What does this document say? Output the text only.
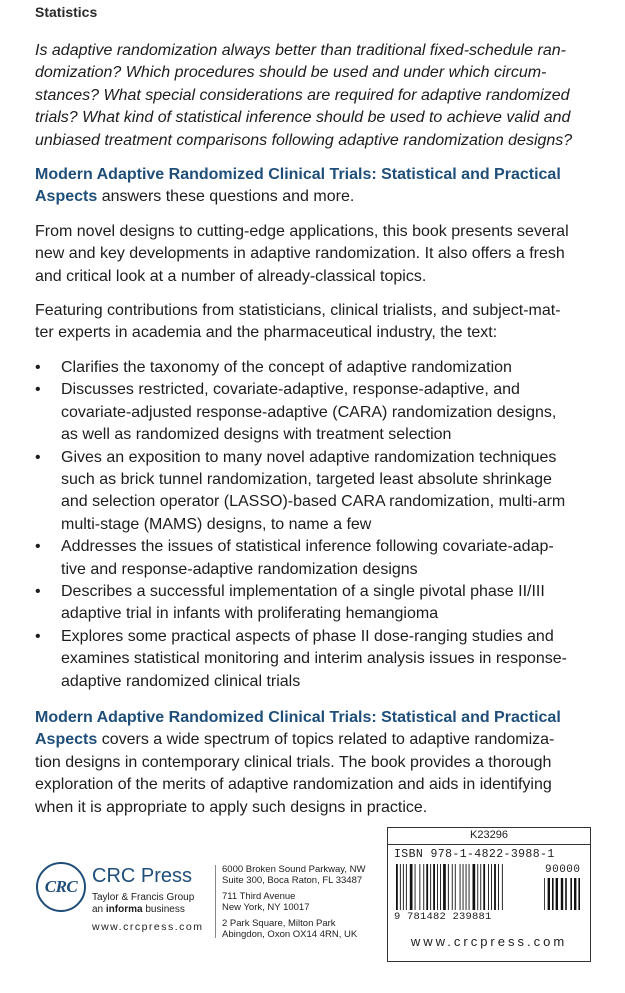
Statistics

Is adaptive randomization always better than traditional fixed-schedule ran-
domization? Which procedures should be used and under which circum-
stances? What special considerations are required for adaptive randomized
trials? What kind of statistical inference should be used to achieve valid and
unbiased treatment comparisons following adaptive randomization designs?

Modern Adaptive Randomized Clinical Trials: Statistical and Practical
Aspects answers these questions and more.

From novel designs to cutting-edge applications, this book presents several
new and key developments in adaptive randomization. It also offers a fresh
and critical look at a number of already-classical topics.

Featuring contributions from statisticians, clinical trialists, and subject-mat-
ter experts in academia and the pharmaceutical industry, the text:

• Clarifies the taxonomy of the concept of adaptive randomization
• Discusses restricted, covariate-adaptive, response-adaptive, and
covariate-adjusted response-adaptive (CARA) randomization designs,
as well as randomized designs with treatment selection
• Gives an exposition to many novel adaptive randomization techniques
such as brick tunnel randomization, targeted least absolute shrinkage
and selection operator (LASSO)-based CARA randomization, multi-arm
multi-stage (MAMS) designs, to name a few
• Addresses the issues of statistical inference following covariate-adap-
tive and response-adaptive randomization designs
• Describes a successful implementation of a single pivotal phase II/III
adaptive trial in infants with proliferating hemangioma
• Explores some practical aspects of phase II dose-ranging studies and
examines statistical monitoring and interim analysis issues in response-
adaptive randomized clinical trials

Modern Adaptive Randomized Clinical Trials: Statistical and Practical
Aspects covers a wide spectrum of topics related to adaptive randomiza-
tion designs in contemporary clinical trials. The book provides a thorough
exploration of the merits of adaptive randomization and aids in identifying
when it is appropriate to apply such designs in practice.

CRC CRC Press
Taylor & Francis Group
an informa business
www.crcpress.com
6000 Broken Sound Parkway, NW
Suite 300, Boca Raton, FL 33487
711 Third Avenue
New York, NY 10017
2 Park Square, Milton Park
Abingdon, Oxon OX14 4RN, UK
K23296
ISBN 978-1-4822-3988-1
90000
9 781482 239881
www.crcpress.com
